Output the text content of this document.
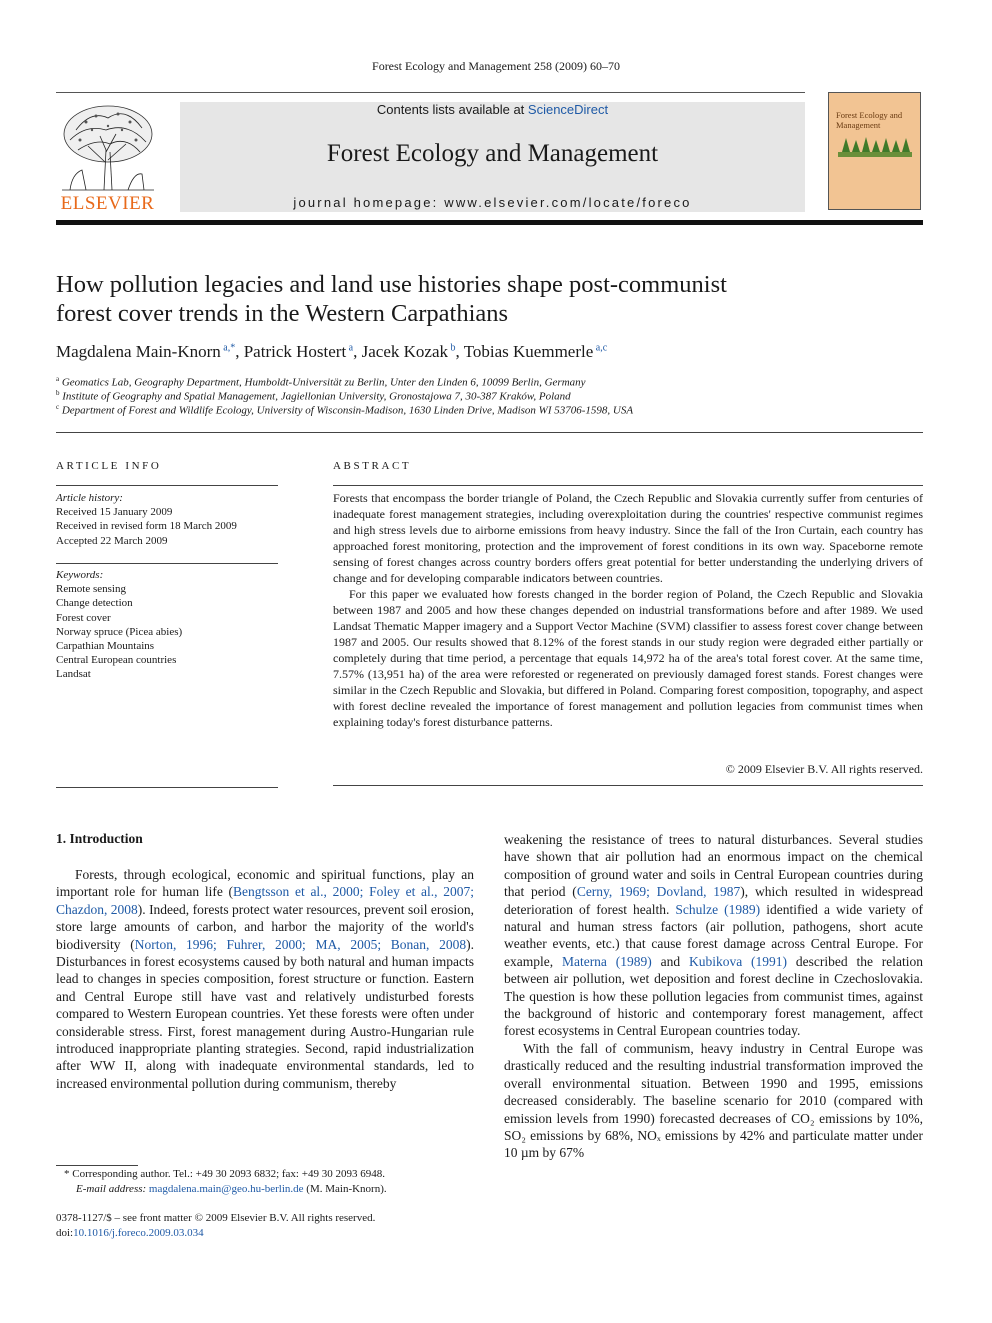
Forest Ecology and Management 258 (2009) 60–70
ELSEVIER
Contents lists available at ScienceDirect
Forest Ecology and Management
journal homepage: www.elsevier.com/locate/foreco
Forest Ecology and Management
How pollution legacies and land use histories shape post-communist
forest cover trends in the Western Carpathians
Magdalena Main-Knorn $^{a,*}$, Patrick Hostert $^a$, Jacek Kozak $^b$, Tobias Kuemmerle $^{a,c}$
$^a$ Geomatics Lab, Geography Department, Humboldt-Universität zu Berlin, Unter den Linden 6, 10099 Berlin, Germany
$^b$ Institute of Geography and Spatial Management, Jagiellonian University, Gronostajowa 7, 30-387 Kraków, Poland
$^c$ Department of Forest and Wildlife Ecology, University of Wisconsin-Madison, 1630 Linden Drive, Madison WI 53706-1598, USA
ARTICLE INFO
Article history:
Received 15 January 2009
Received in revised form 18 March 2009
Accepted 22 March 2009
Keywords:
Remote sensing
Change detection
Forest cover
Norway spruce (Picea abies)
Carpathian Mountains
Central European countries
Landsat
ABSTRACT

Forests that encompass the border triangle of Poland, the Czech Republic and Slovakia currently suffer from centuries of inadequate forest management strategies, including overexploitation during the countries' respective communist regimes and high stress levels due to airborne emissions from heavy industry. Since the fall of the Iron Curtain, each country has approached forest monitoring, protection and the improvement of forest conditions in its own way. Spaceborne remote sensing of forest changes across country borders offers great potential for better understanding the underlying drivers of change and for developing comparable indicators between countries.

For this paper we evaluated how forests changed in the border region of Poland, the Czech Republic and Slovakia between 1987 and 2005 and how these changes depended on industrial transformations before and after 1989. We used Landsat Thematic Mapper imagery and a Support Vector Machine (SVM) classifier to assess forest cover change between 1987 and 2005. Our results showed that 8.12% of the forest stands in our study region were degraded either partially or completely during that time period, a percentage that equals 14,972 ha of the area's total forest cover. At the same time, 7.57% (13,951 ha) of the area were reforested or regenerated on previously damaged forest stands. Forest changes were similar in the Czech Republic and Slovakia, but differed in Poland. Comparing forest composition, topography, and aspect with forest decline revealed the importance of forest management and pollution legacies from communist times when explaining today's forest disturbance patterns.

© 2009 Elsevier B.V. All rights reserved.
1. Introduction

Forests, through ecological, economic and spiritual functions, play an important role for human life (Bengtsson et al., 2000; Foley et al., 2007; Chazdon, 2008). Indeed, forests protect water resources, prevent soil erosion, store large amounts of carbon, and harbor the majority of the world's biodiversity (Norton, 1996; Fuhrer, 2000; MA, 2005; Bonan, 2008). Disturbances in forest ecosystems caused by both natural and human impacts lead to changes in species composition, forest structure or function. Eastern and Central Europe still have vast and relatively undisturbed forests compared to Western European countries. Yet these forests were often under considerable stress. First, forest management during Austro-Hungarian rule introduced inappropriate planting strategies. Second, rapid industrialization after WW II, along with inadequate environmental standards, led to increased environmental pollution during communism, thereby

weakening the resistance of trees to natural disturbances. Several studies have shown that air pollution had an enormous impact on the chemical composition of ground water and soils in Central European countries during that period (Cerny, 1969; Dovland, 1987), which resulted in widespread deterioration of forest health. Schulze (1989) identified a wide variety of natural and human stress factors (air pollution, pathogens, short acute weather events, etc.) that cause forest damage across Central Europe. For example, Materna (1989) and Kubikova (1991) described the relation between air pollution, wet deposition and forest decline in Czechoslovakia. The question is how these pollution legacies from communist times, against the background of historic and contemporary forest management, affect forest ecosystems in Central European countries today.

With the fall of communism, heavy industry in Central Europe was drastically reduced and the resulting industrial transformation improved the overall environmental situation. Between 1990 and 1995, emissions decreased considerably. The baseline scenario for 2010 (compared with emission levels from 1990) forecasted decreases of CO₂ emissions by 10%, SO₂ emissions by 68%, NOₓ emissions by 42% and particulate matter under 10 µm by 67%

* Corresponding author. Tel.: +49 30 2093 6832; fax: +49 30 2093 6948.
E-mail address: magdalena.main@geo.hu-berlin.de (M. Main-Knorn).
0378-1127/$ – see front matter © 2009 Elsevier B.V. All rights reserved.
doi:10.1016/j.foreco.2009.03.034
